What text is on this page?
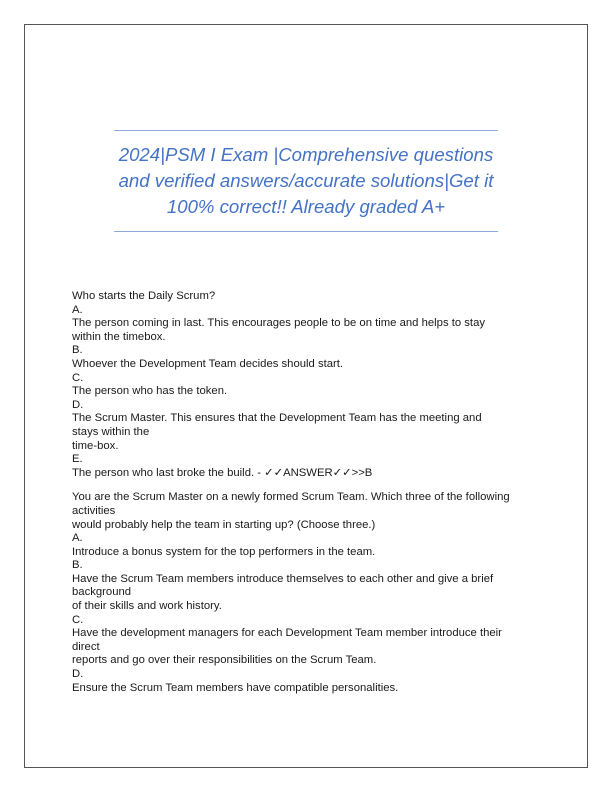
2024|PSM I Exam |Comprehensive questions
and verified answers/accurate solutions|Get it
100% correct!! Already graded A+
Who starts the Daily Scrum?
A.
The person coming in last. This encourages people to be on time and helps to stay
within the timebox.
B.
Whoever the Development Team decides should start.
C.
The person who has the token.
D.
The Scrum Master. This ensures that the Development Team has the meeting and
stays within the
time-box.
E.
The person who last broke the build. - ✓✓ANSWER✓✓>>B
You are the Scrum Master on a newly formed Scrum Team. Which three of the following
activities
would probably help the team in starting up? (Choose three.)
A.
Introduce a bonus system for the top performers in the team.
B.
Have the Scrum Team members introduce themselves to each other and give a brief
background
of their skills and work history.
C.
Have the development managers for each Development Team member introduce their
direct
reports and go over their responsibilities on the Scrum Team.
D.
Ensure the Scrum Team members have compatible personalities.
